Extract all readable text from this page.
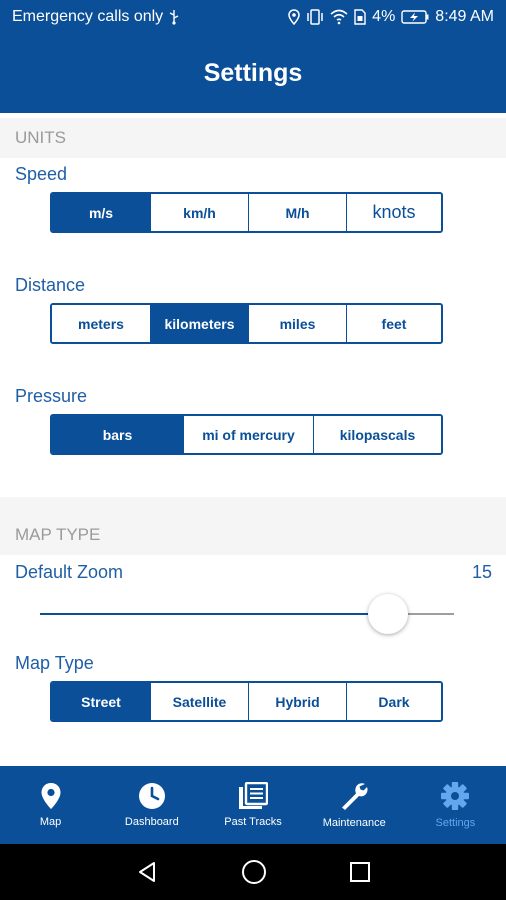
Emergency calls only	4%	8:49 AM
Settings
UNITS
Speed
m/s	km/h	M/h	knots
Distance
meters	kilometers	miles	feet
Pressure
bars	mi of mercury	kilopascals
MAP TYPE
Default Zoom	15
Map Type
Street	Satellite	Hybrid	Dark
Map	Dashboard	Past Tracks	Maintenance	Settings
